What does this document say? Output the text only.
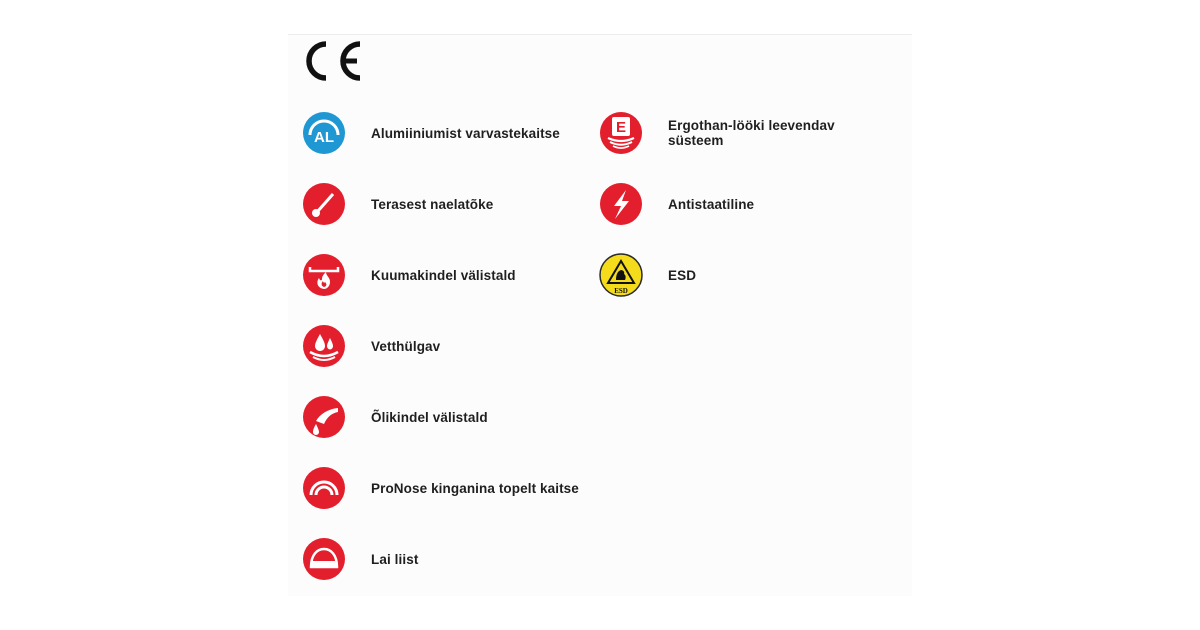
AL	Alumiiniumist varvastekaitse
Terasest naelatõke
Kuumakindel välistald
Vetthülgav
Õlikindel välistald
ProNose kinganina topelt kaitse
Lai liist
E	Ergothan-lööki leevendav
süsteem
Antistaatiline
ESD
ESD
